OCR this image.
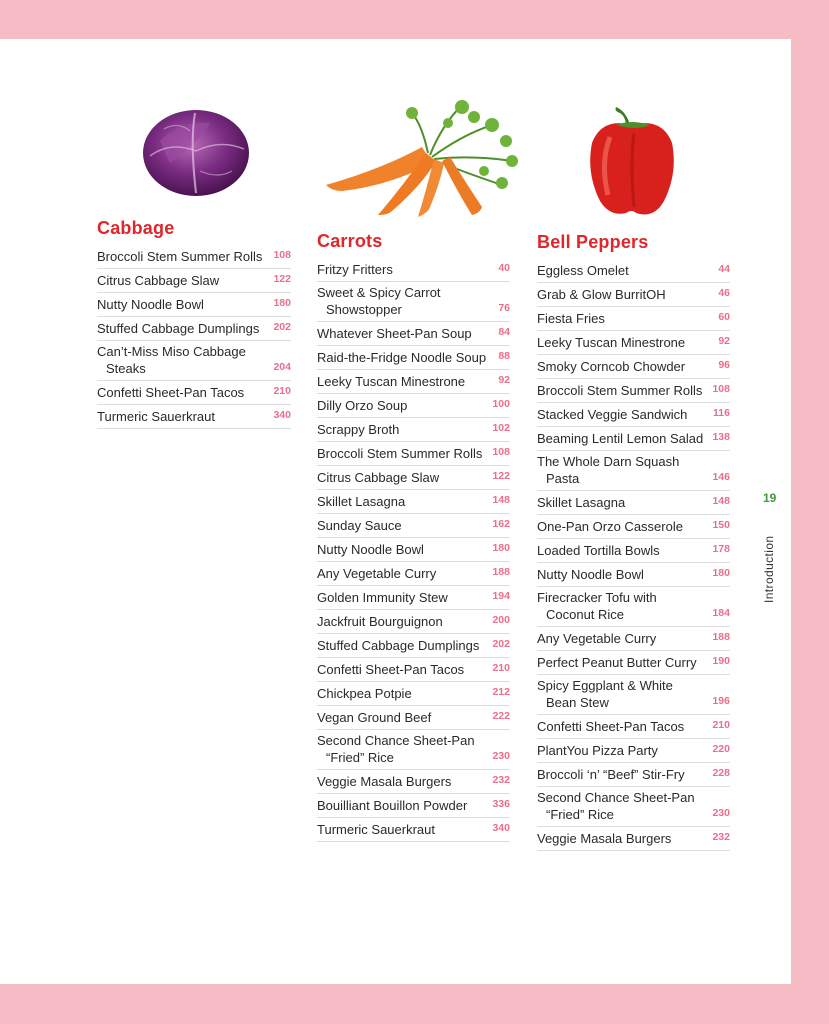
Cabbage
Broccoli Stem Summer Rolls	108
Citrus Cabbage Slaw	122
Nutty Noodle Bowl	180
Stuffed Cabbage Dumplings	202
Can’t-Miss Miso Cabbage Steaks	204
Confetti Sheet-Pan Tacos	210
Turmeric Sauerkraut	340
Carrots
Fritzy Fritters	40
Sweet & Spicy Carrot Showstopper	76
Whatever Sheet-Pan Soup	84
Raid-the-Fridge Noodle Soup	88
Leeky Tuscan Minestrone	92
Dilly Orzo Soup	100
Scrappy Broth	102
Broccoli Stem Summer Rolls 108
Citrus Cabbage Slaw	122
Skillet Lasagna	148
Sunday Sauce	162
Nutty Noodle Bowl	180
Any Vegetable Curry	188
Golden Immunity Stew	194
Jackfruit Bourguignon	200
Stuffed Cabbage Dumplings	202
Confetti Sheet-Pan Tacos	210
Chickpea Potpie	212
Vegan Ground Beef	222
Second Chance Sheet-Pan “Fried” Rice	230
Veggie Masala Burgers	232
Bouilliant Bouillon Powder	336
Turmeric Sauerkraut	340
Bell Peppers
Eggless Omelet	44
Grab & Glow BurritOH	46
Fiesta Fries	60
Leeky Tuscan Minestrone	92
Smoky Corncob Chowder	96
Broccoli Stem Summer Rolls 108
Stacked Veggie Sandwich	116
Beaming Lentil Lemon Salad 138
The Whole Darn Squash Pasta	146
Skillet Lasagna	148
One-Pan Orzo Casserole	150
Loaded Tortilla Bowls	178
Nutty Noodle Bowl	180
Firecracker Tofu with Coconut Rice	184
Any Vegetable Curry	188
Perfect Peanut Butter Curry	190
Spicy Eggplant & White Bean Stew	196
Confetti Sheet-Pan Tacos	210
PlantYou Pizza Party	220
Broccoli ‘n’ “Beef” Stir-Fry	228
Second Chance Sheet-Pan “Fried” Rice	230
Veggie Masala Burgers	232
19
Introduction
